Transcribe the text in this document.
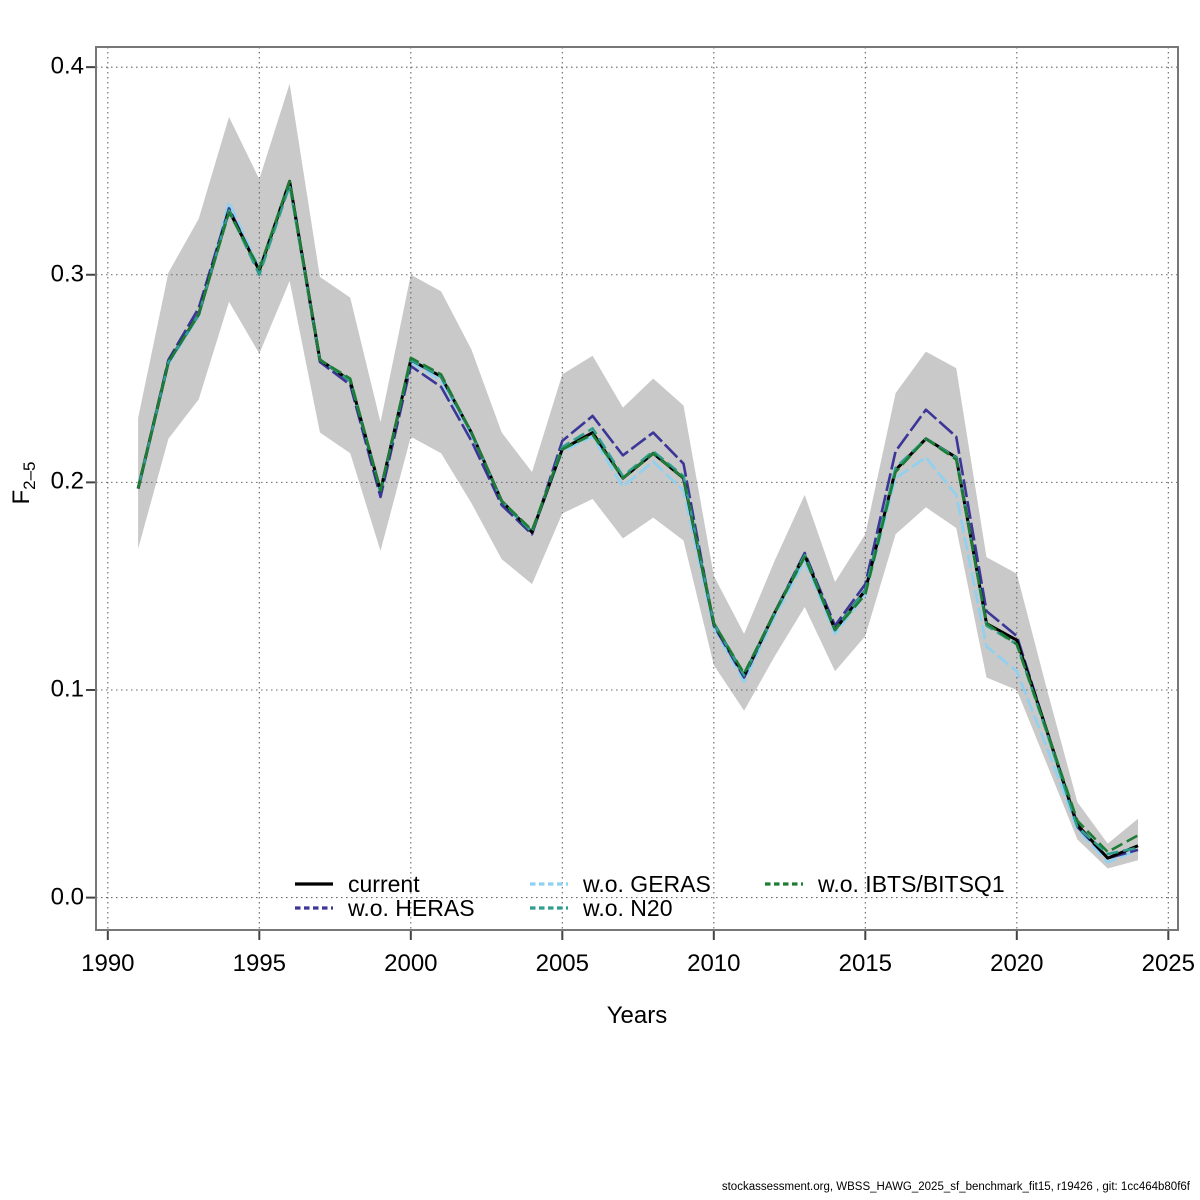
1990	1995	2000	2005	2010	2015	2020	2025
0.0
0.1
0.2
0.3
0.4
Years
$F_{2-5}$
current	w.o. GERAS	w.o. IBTS/BITSQ1
w.o. HERAS	w.o. N20
stockassessment.org, WBSS_HAWG_2025_sf_benchmark_fit15, r19426 , git: 1cc464b80f6f
